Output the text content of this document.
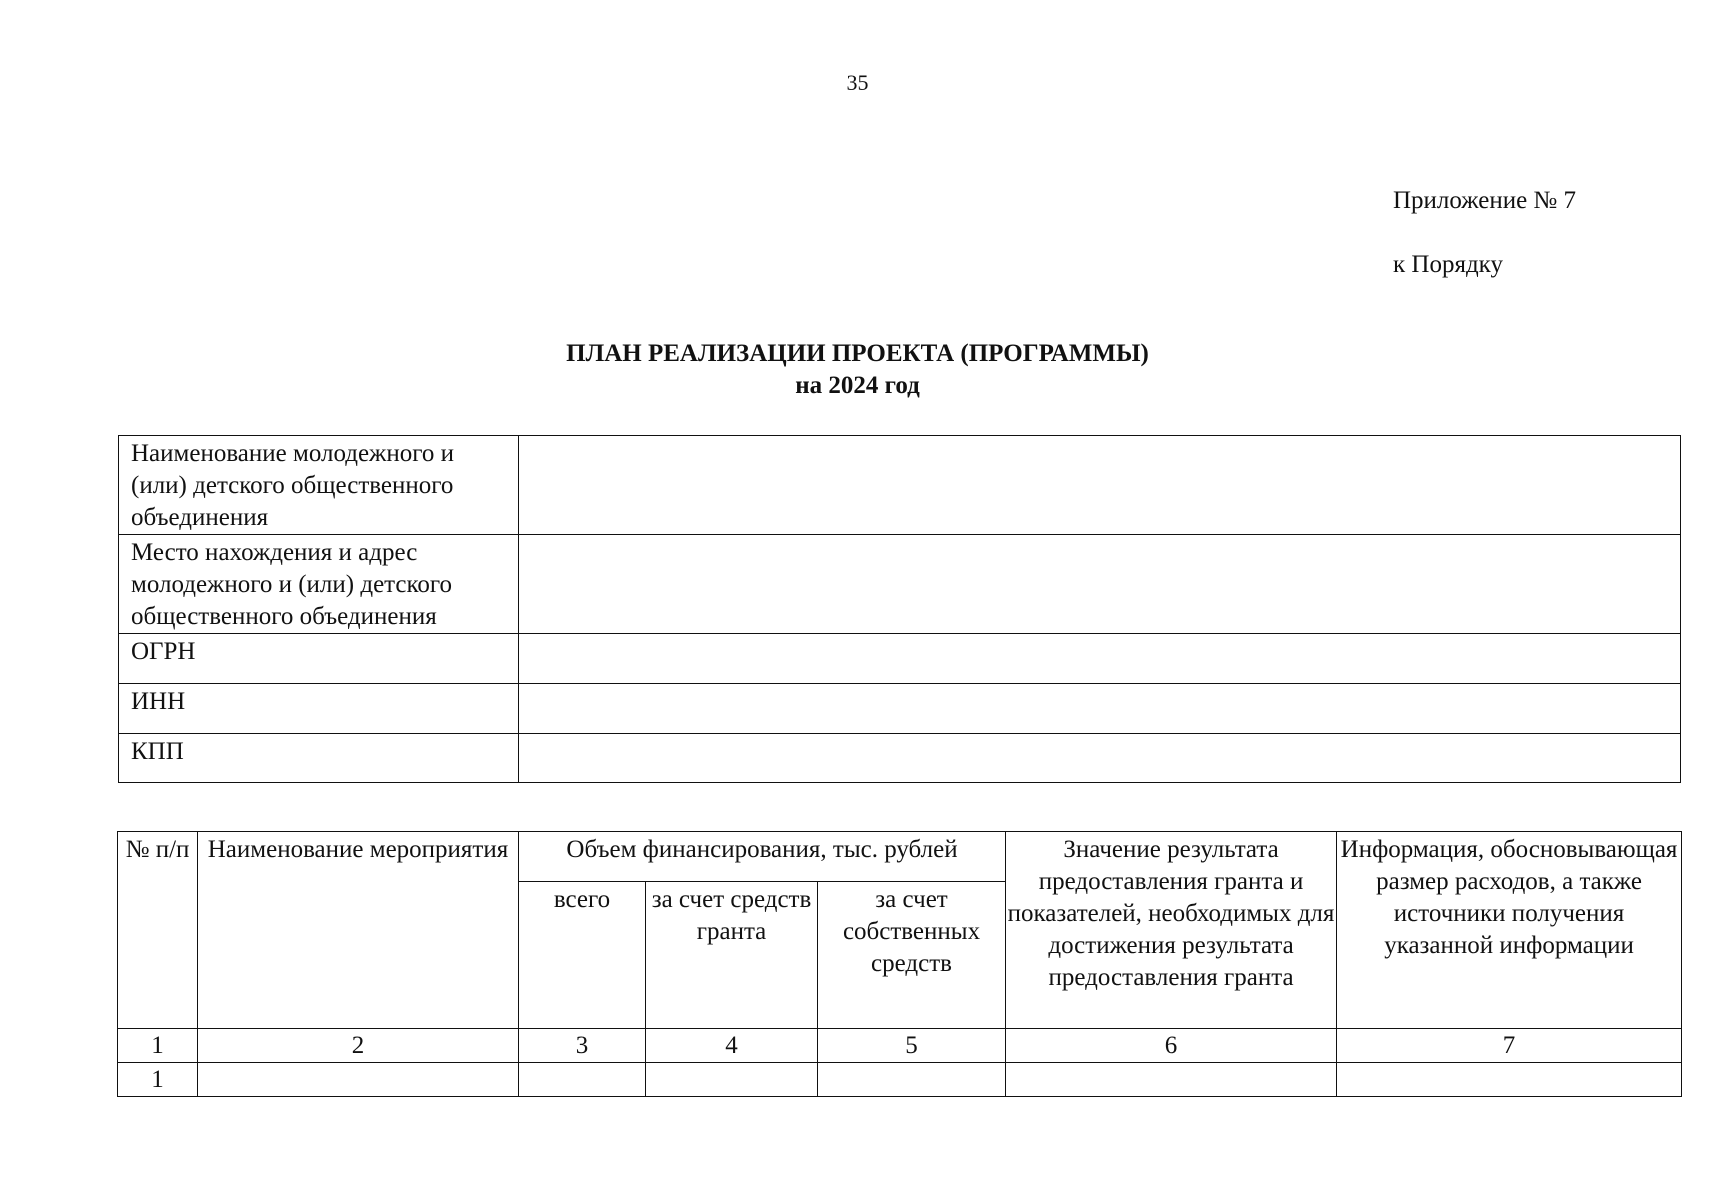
35
Приложение № 7
к Порядку
ПЛАН РЕАЛИЗАЦИИ ПРОЕКТА (ПРОГРАММЫ)
на 2024 год
Наименование молодежного и (или) детского общественного объединения	
Место нахождения и адрес молодежного и (или) детского общественного объединения	
ОГРН	
ИНН	
КПП	
№ п/п	Наименование мероприятия	Объем финансирования, тыс. рублей			Значение результата предоставления гранта и показателей, необходимых для достижения результата предоставления гранта	Информация, обосновывающая размер расходов, а также источники получения указанной информации
		всего	за счет средств гранта	за счет собственных средств		
1	2	3	4	5	6	7
1						
